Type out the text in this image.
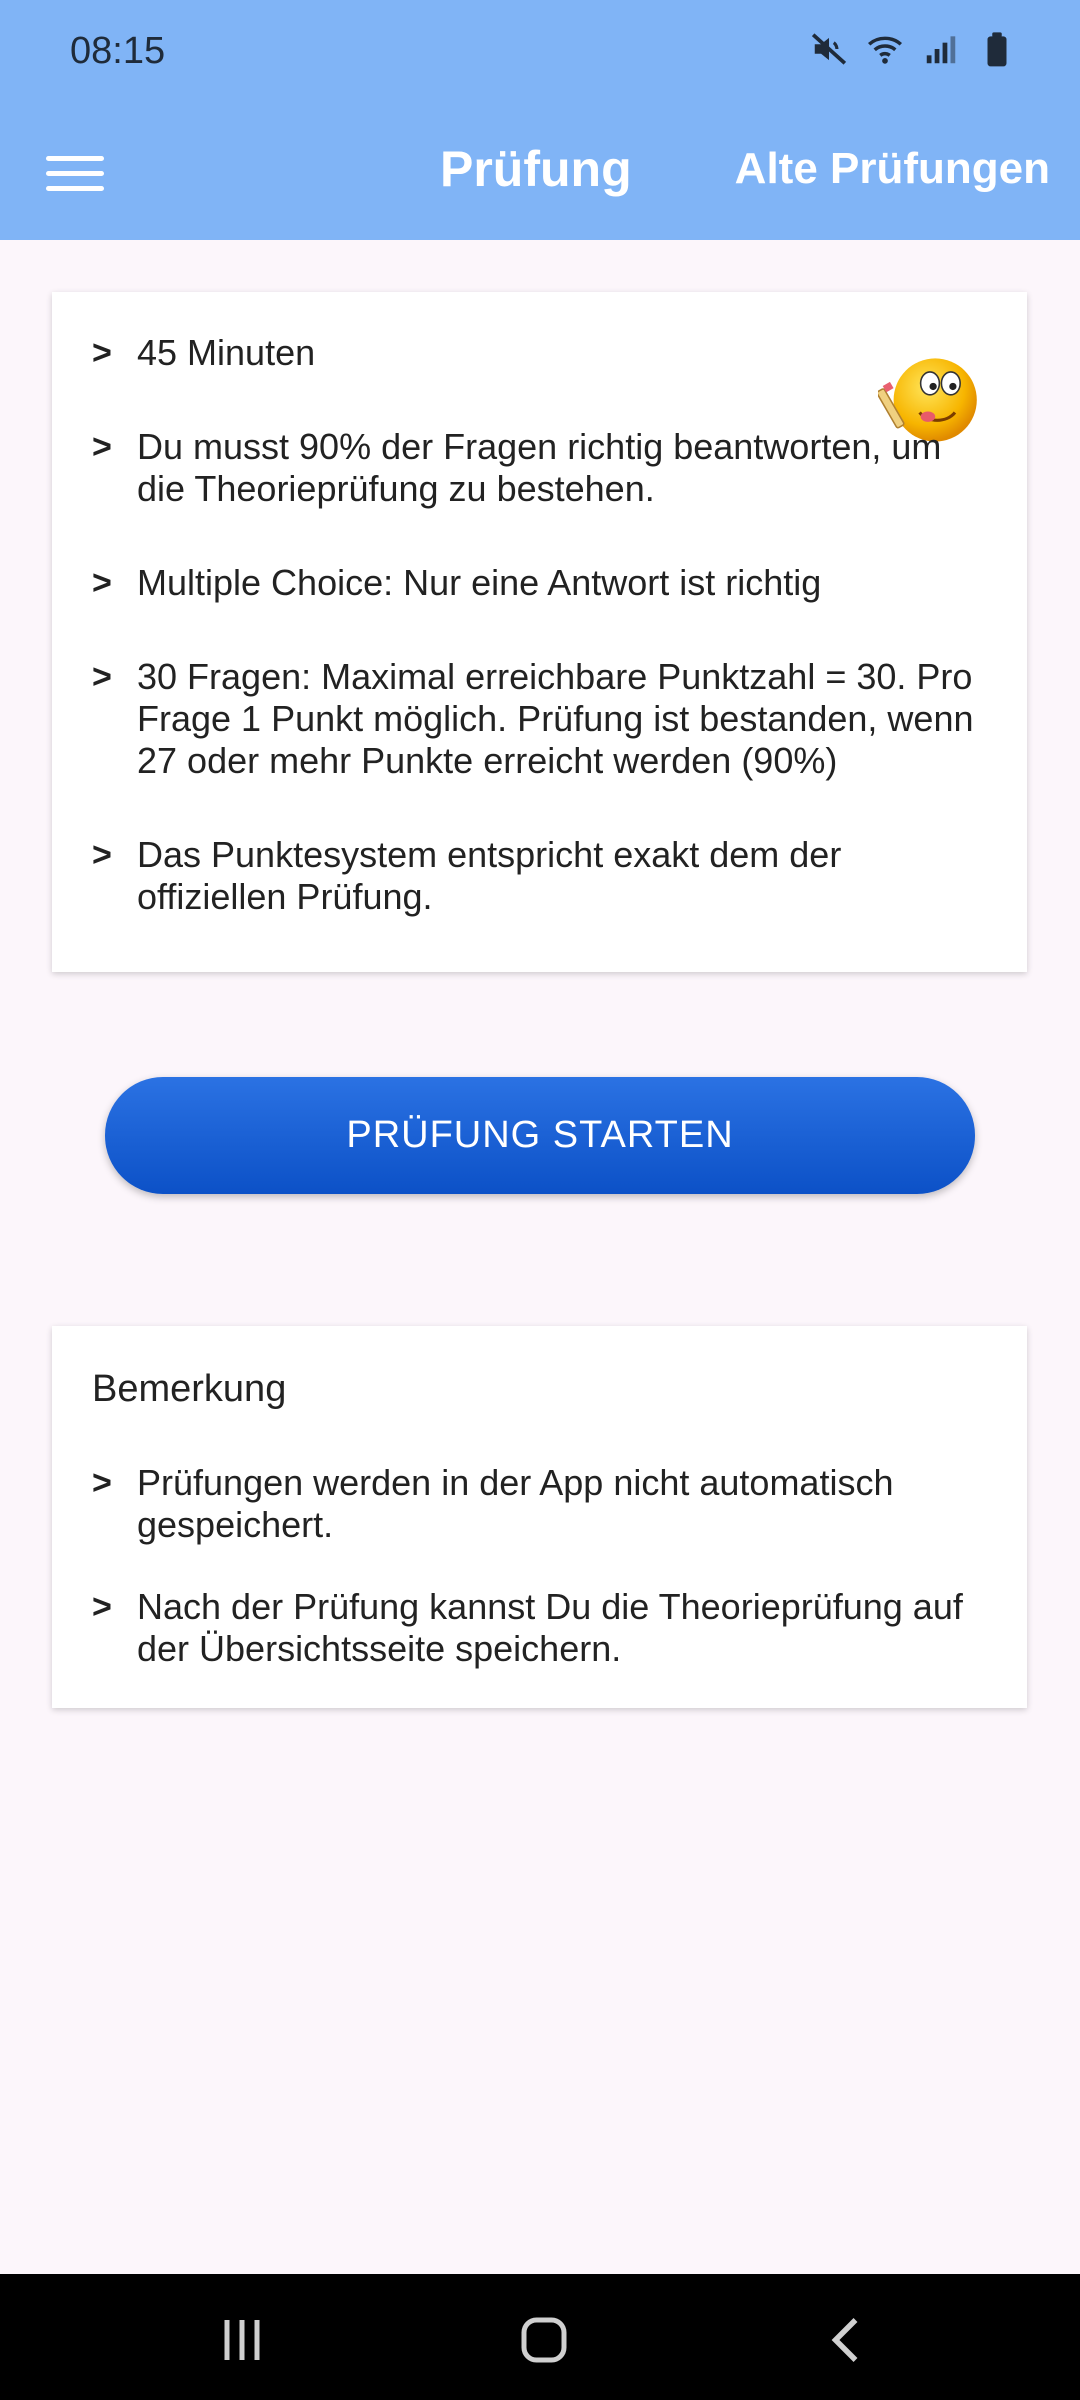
08:15
Prüfung Alte Prüfungen
> 45 Minuten
> Du musst 90% der Fragen richtig beantworten, um die Theorieprüfung zu bestehen.
> Multiple Choice: Nur eine Antwort ist richtig
> 30 Fragen: Maximal erreichbare Punktzahl = 30. Pro Frage 1 Punkt möglich. Prüfung ist bestanden, wenn 27 oder mehr Punkte erreicht werden (90%)
> Das Punktesystem entspricht exakt dem der offiziellen Prüfung.
PRÜFUNG STARTEN
Bemerkung
> Prüfungen werden in der App nicht automatisch gespeichert.
> Nach der Prüfung kannst Du die Theorieprüfung auf der Übersichtsseite speichern.
